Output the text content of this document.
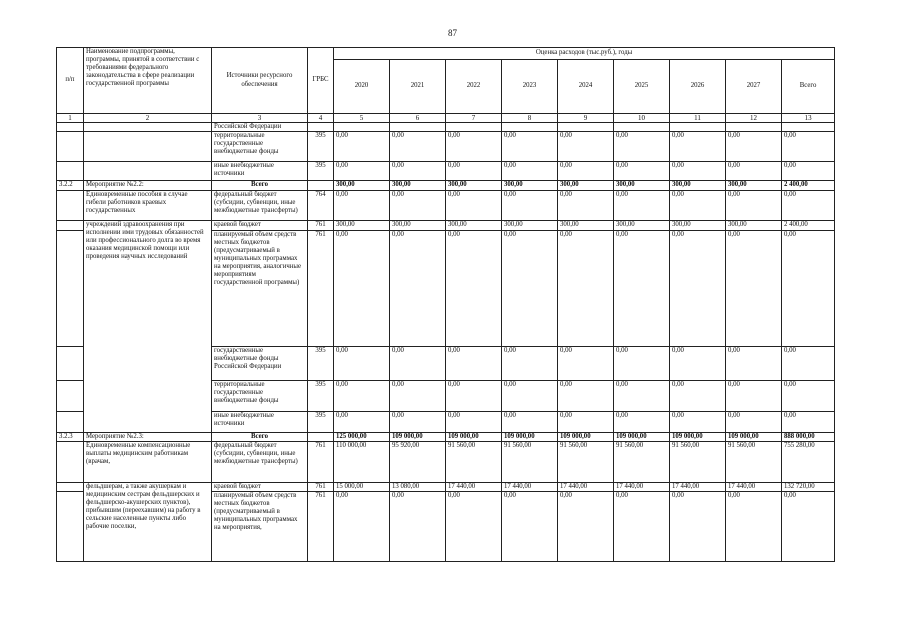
87
п/п	Наименование подпрограммы, программы, принятой в соответствии с требованиями федерального законодательства в сфере реализации государственной программы	Источники ресурсного обеспечения	ГРБС	Оценка расходов (тыс.руб.), годы								
				2020	2021	2022	2023	2024	2025	2026	2027	Всего
1	2	3	4	5	6	7	8	9	10	11	12	13
		Российской Федерации										
		территориальные государственные внебюджетные фонды	395	0,00	0,00	0,00	0,00	0,00	0,00	0,00	0,00	0,00
		иные внебюджетные источники	395	0,00	0,00	0,00	0,00	0,00	0,00	0,00	0,00	0,00
3.2.2	Мероприятие №2.2:	Всего		300,00	300,00	300,00	300,00	300,00	300,00	300,00	300,00	2 400,00
	Единовременные пособия в случае гибели работников краевых государственных	федеральный бюджет (субсидии, субвенции, иные межбюджетные трансферты)	764	0,00	0,00	0,00	0,00	0,00	0,00	0,00	0,00	0,00
	учреждений здравоохранения при исполнении ими трудовых обязанностей или профессионального долга во время оказания медицинской помощи или проведения научных исследований	краевой бюджет	761	300,00	300,00	300,00	300,00	300,00	300,00	300,00	300,00	2 400,00
		планируемый объем средств местных бюджетов (предусматриваемый в муниципальных программах на мероприятия, аналогичные мероприятиям государственной программы)	761	0,00	0,00	0,00	0,00	0,00	0,00	0,00	0,00	0,00
		государственные внебюджетные фонды Российской Федерации	395	0,00	0,00	0,00	0,00	0,00	0,00	0,00	0,00	0,00
		территориальные государственные внебюджетные фонды	395	0,00	0,00	0,00	0,00	0,00	0,00	0,00	0,00	0,00
		иные внебюджетные источники	395	0,00	0,00	0,00	0,00	0,00	0,00	0,00	0,00	0,00
3.2.3	Мероприятие №2.3:	Всего		125 000,00	109 000,00	109 000,00	109 000,00	109 000,00	109 000,00	109 000,00	109 000,00	888 000,00
	Единовременные компенсационные выплаты медицинским работникам (врачам,	федеральный бюджет (субсидии, субвенции, иные межбюджетные трансферты)	761	110 000,00	95 920,00	91 560,00	91 560,00	91 560,00	91 560,00	91 560,00	91 560,00	755 280,00
	фельдшерам, а также акушеркам и медицинским сестрам фельдшерских и фельдшерско-акушерских пунктов), прибывшим (переехавшим) на работу в сельские населенные пункты либо рабочие поселки,	краевой бюджет	761	15 000,00	13 080,00	17 440,00	17 440,00	17 440,00	17 440,00	17 440,00	17 440,00	132 720,00
		планируемый объем средств местных бюджетов (предусматриваемый в муниципальных программах на мероприятия,	761	0,00	0,00	0,00	0,00	0,00	0,00	0,00	0,00	0,00
